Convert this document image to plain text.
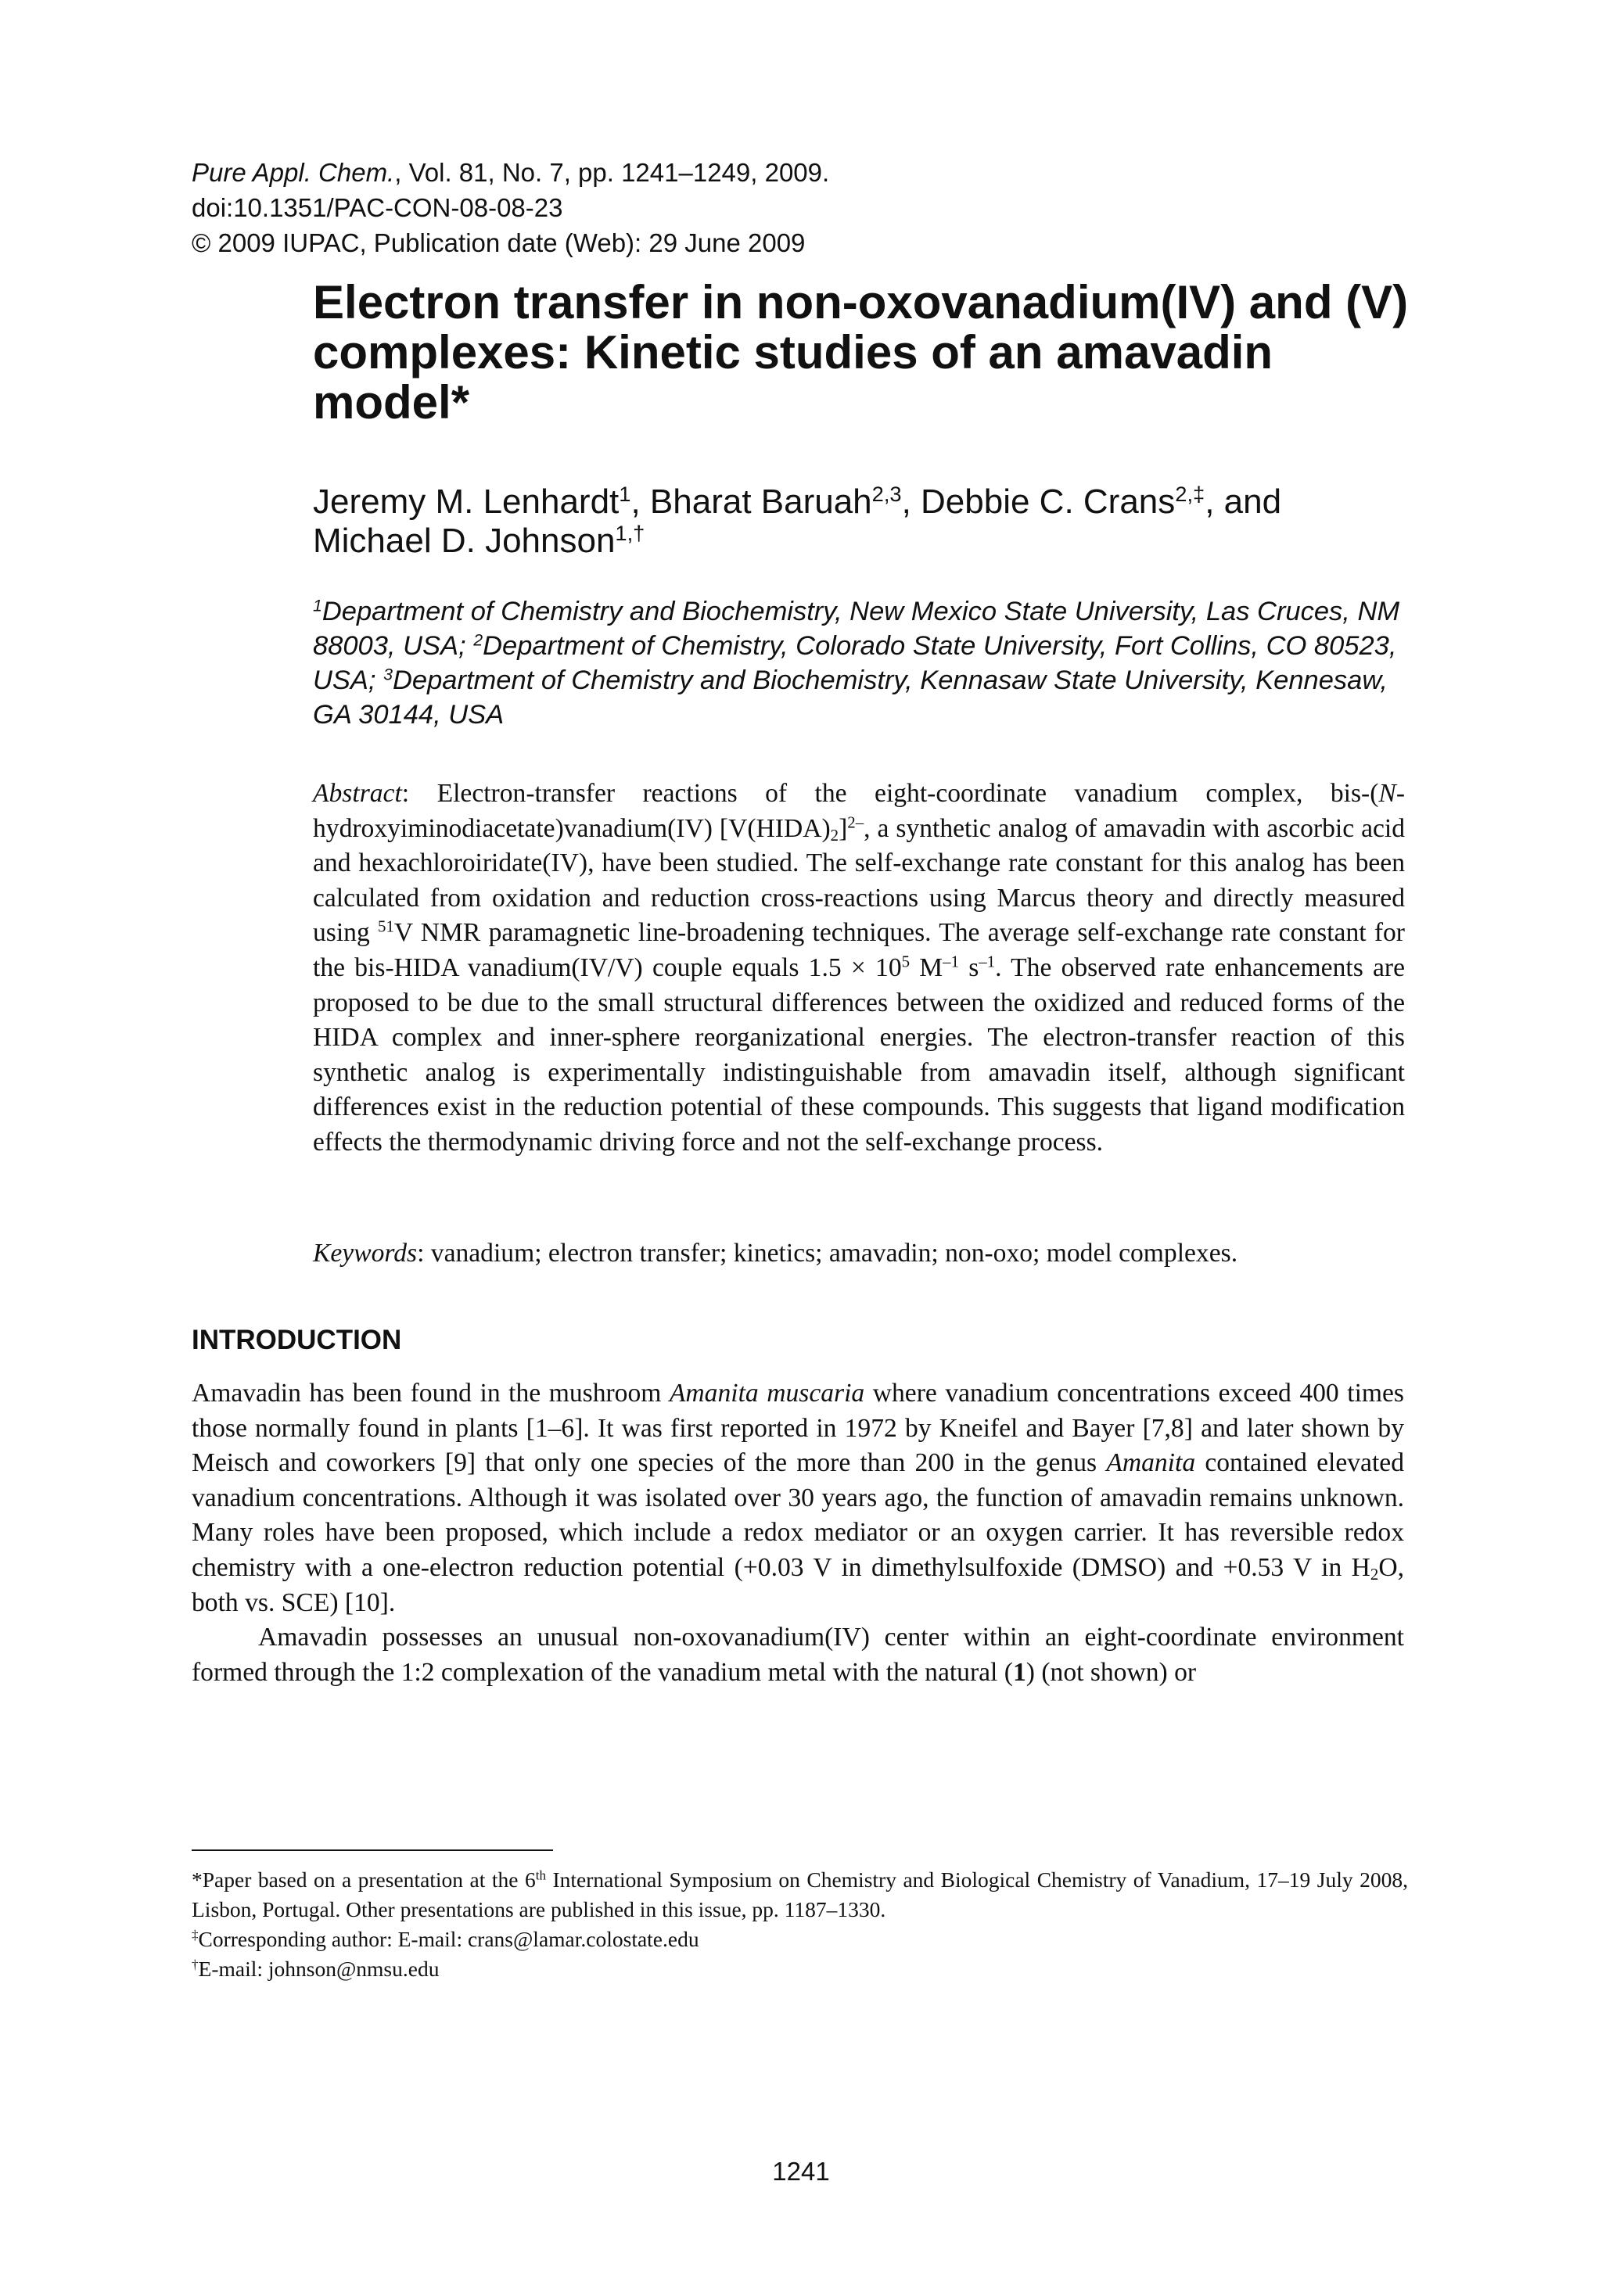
Pure Appl. Chem., Vol. 81, No. 7, pp. 1241–1249, 2009.
doi:10.1351/PAC-CON-08-08-23
© 2009 IUPAC, Publication date (Web): 29 June 2009
Electron transfer in non-oxovanadium(IV) and (V) complexes: Kinetic studies of an amavadin model*
Jeremy M. Lenhardt$^1$, Bharat Baruah$^{2,3}$, Debbie C. Crans$^{2,\ddagger}$, and
Michael D. Johnson$^{1,\dagger}$
$^1$Department of Chemistry and Biochemistry, New Mexico State University, Las Cruces, NM 88003, USA; $^2$Department of Chemistry, Colorado State University, Fort Collins, CO 80523, USA; $^3$Department of Chemistry and Biochemistry, Kennasaw State University, Kennesaw, GA 30144, USA
Abstract: Electron-transfer reactions of the eight-coordinate vanadium complex, bis-(N-hydroxyiminodiacetate)vanadium(IV) $[V(HIDA)_2]^{2-}$, a synthetic analog of amavadin with ascorbic acid and hexachloroiridate(IV), have been studied. The self-exchange rate constant for this analog has been calculated from oxidation and reduction cross-reactions using Marcus theory and directly measured using $^{51}$V NMR paramagnetic line-broadening techniques. The average self-exchange rate constant for the bis-HIDA vanadium(IV/V) couple equals $1.5 \times 10^5$ $M^{-1}$ $s^{-1}$. The observed rate enhancements are proposed to be due to the small structural differences between the oxidized and reduced forms of the HIDA complex and inner-sphere reorganizational energies. The electron-transfer reaction of this synthetic analog is experimentally indistinguishable from amavadin itself, although significant differences exist in the reduction potential of these compounds. This suggests that ligand modification effects the thermodynamic driving force and not the self-exchange process.
Keywords: vanadium; electron transfer; kinetics; amavadin; non-oxo; model complexes.
INTRODUCTION

Amavadin has been found in the mushroom Amanita muscaria where vanadium concentrations exceed 400 times those normally found in plants [1–6]. It was first reported in 1972 by Kneifel and Bayer [7,8] and later shown by Meisch and coworkers [9] that only one species of the more than 200 in the genus Amanita contained elevated vanadium concentrations. Although it was isolated over 30 years ago, the function of amavadin remains unknown. Many roles have been proposed, which include a redox mediator or an oxygen carrier. It has reversible redox chemistry with a one-electron reduction potential (+0.03 V in dimethylsulfoxide (DMSO) and +0.53 V in $H_2O$, both vs. SCE) [10].

Amavadin possesses an unusual non-oxovanadium(IV) center within an eight-coordinate environment formed through the 1:2 complexation of the vanadium metal with the natural (1) (not shown) or

*Paper based on a presentation at the 6th International Symposium on Chemistry and Biological Chemistry of Vanadium, 17–19 July 2008, Lisbon, Portugal. Other presentations are published in this issue, pp. 1187–1330.

‡Corresponding author: E-mail: crans@lamar.colostate.edu

†E-mail: johnson@nmsu.edu

1241
